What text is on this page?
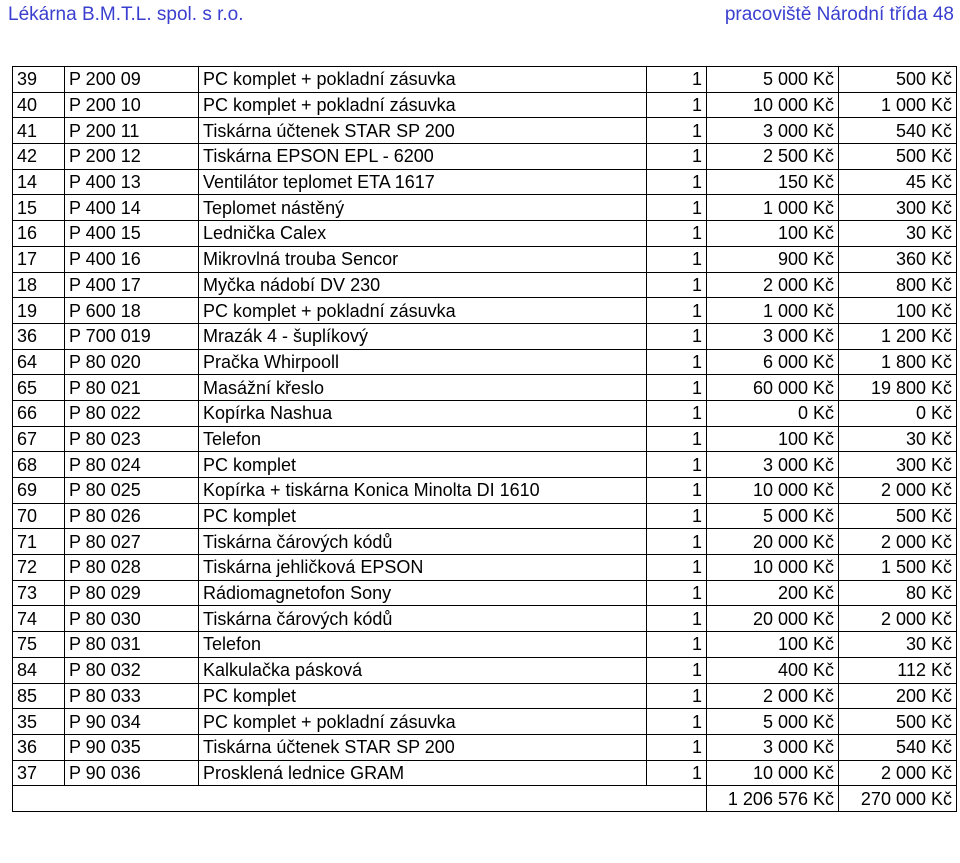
Lékárna B.M.T.L. spol. s r.o.	pracoviště Národní třída 48
39	P 200 09	PC komplet + pokladní zásuvka	1	5 000 Kč	500 Kč
40	P 200 10	PC komplet + pokladní zásuvka	1	10 000 Kč	1 000 Kč
41	P 200 11	Tiskárna účtenek STAR SP 200	1	3 000 Kč	540 Kč
42	P 200 12	Tiskárna EPSON EPL - 6200	1	2 500 Kč	500 Kč
14	P 400 13	Ventilátor teplomet ETA 1617	1	150 Kč	45 Kč
15	P 400 14	Teplomet nástěný	1	1 000 Kč	300 Kč
16	P 400 15	Lednička Calex	1	100 Kč	30 Kč
17	P 400 16	Mikrovlná trouba Sencor	1	900 Kč	360 Kč
18	P 400 17	Myčka nádobí DV 230	1	2 000 Kč	800 Kč
19	P 600 18	PC komplet + pokladní zásuvka	1	1 000 Kč	100 Kč
36	P 700 019	Mrazák 4 - šuplíkový	1	3 000 Kč	1 200 Kč
64	P 80 020	Pračka Whirpooll	1	6 000 Kč	1 800 Kč
65	P 80 021	Masážní křeslo	1	60 000 Kč	19 800 Kč
66	P 80 022	Kopírka Nashua	1	0 Kč	0 Kč
67	P 80 023	Telefon	1	100 Kč	30 Kč
68	P 80 024	PC komplet	1	3 000 Kč	300 Kč
69	P 80 025	Kopírka + tiskárna Konica Minolta DI 1610	1	10 000 Kč	2 000 Kč
70	P 80 026	PC komplet	1	5 000 Kč	500 Kč
71	P 80 027	Tiskárna čárových kódů	1	20 000 Kč	2 000 Kč
72	P 80 028	Tiskárna jehličková EPSON	1	10 000 Kč	1 500 Kč
73	P 80 029	Rádiomagnetofon Sony	1	200 Kč	80 Kč
74	P 80 030	Tiskárna čárových kódů	1	20 000 Kč	2 000 Kč
75	P 80 031	Telefon	1	100 Kč	30 Kč
84	P 80 032	Kalkulačka pásková	1	400 Kč	112 Kč
85	P 80 033	PC komplet	1	2 000 Kč	200 Kč
35	P 90 034	PC komplet + pokladní zásuvka	1	5 000 Kč	500 Kč
36	P 90 035	Tiskárna účtenek STAR SP 200	1	3 000 Kč	540 Kč
37	P 90 036	Prosklená lednice GRAM	1	10 000 Kč	2 000 Kč
				1 206 576 Kč	270 000 Kč
